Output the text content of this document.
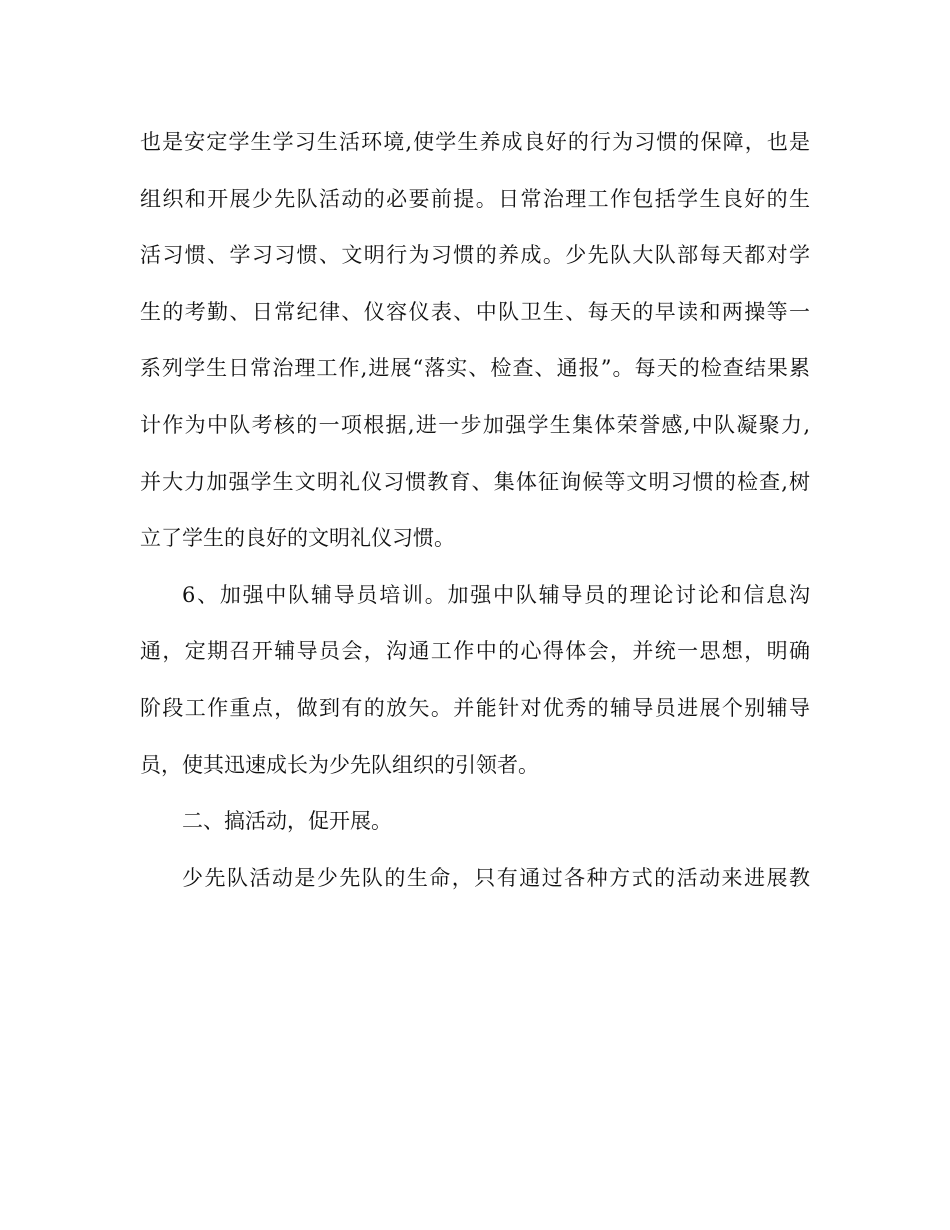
也是安定学生学习生活环境,使学生养成良好的行为习惯的保障，也是
组织和开展少先队活动的必要前提。日常治理工作包括学生良好的生
活习惯、学习习惯、文明行为习惯的养成。少先队大队部每天都对学
生的考勤、日常纪律、仪容仪表、中队卫生、每天的早读和两操等一
系列学生日常治理工作,进展“落实、检查、通报”。每天的检查结果累
计作为中队考核的一项根据,进一步加强学生集体荣誉感,中队凝聚力,
并大力加强学生文明礼仪习惯教育、集体征询候等文明习惯的检查,树
立了学生的良好的文明礼仪习惯。
6、加强中队辅导员培训。加强中队辅导员的理论讨论和信息沟
通，定期召开辅导员会，沟通工作中的心得体会，并统一思想，明确
阶段工作重点，做到有的放矢。并能针对优秀的辅导员进展个别辅导
员，使其迅速成长为少先队组织的引领者。
二、搞活动，促开展。
少先队活动是少先队的生命，只有通过各种方式的活动来进展教
